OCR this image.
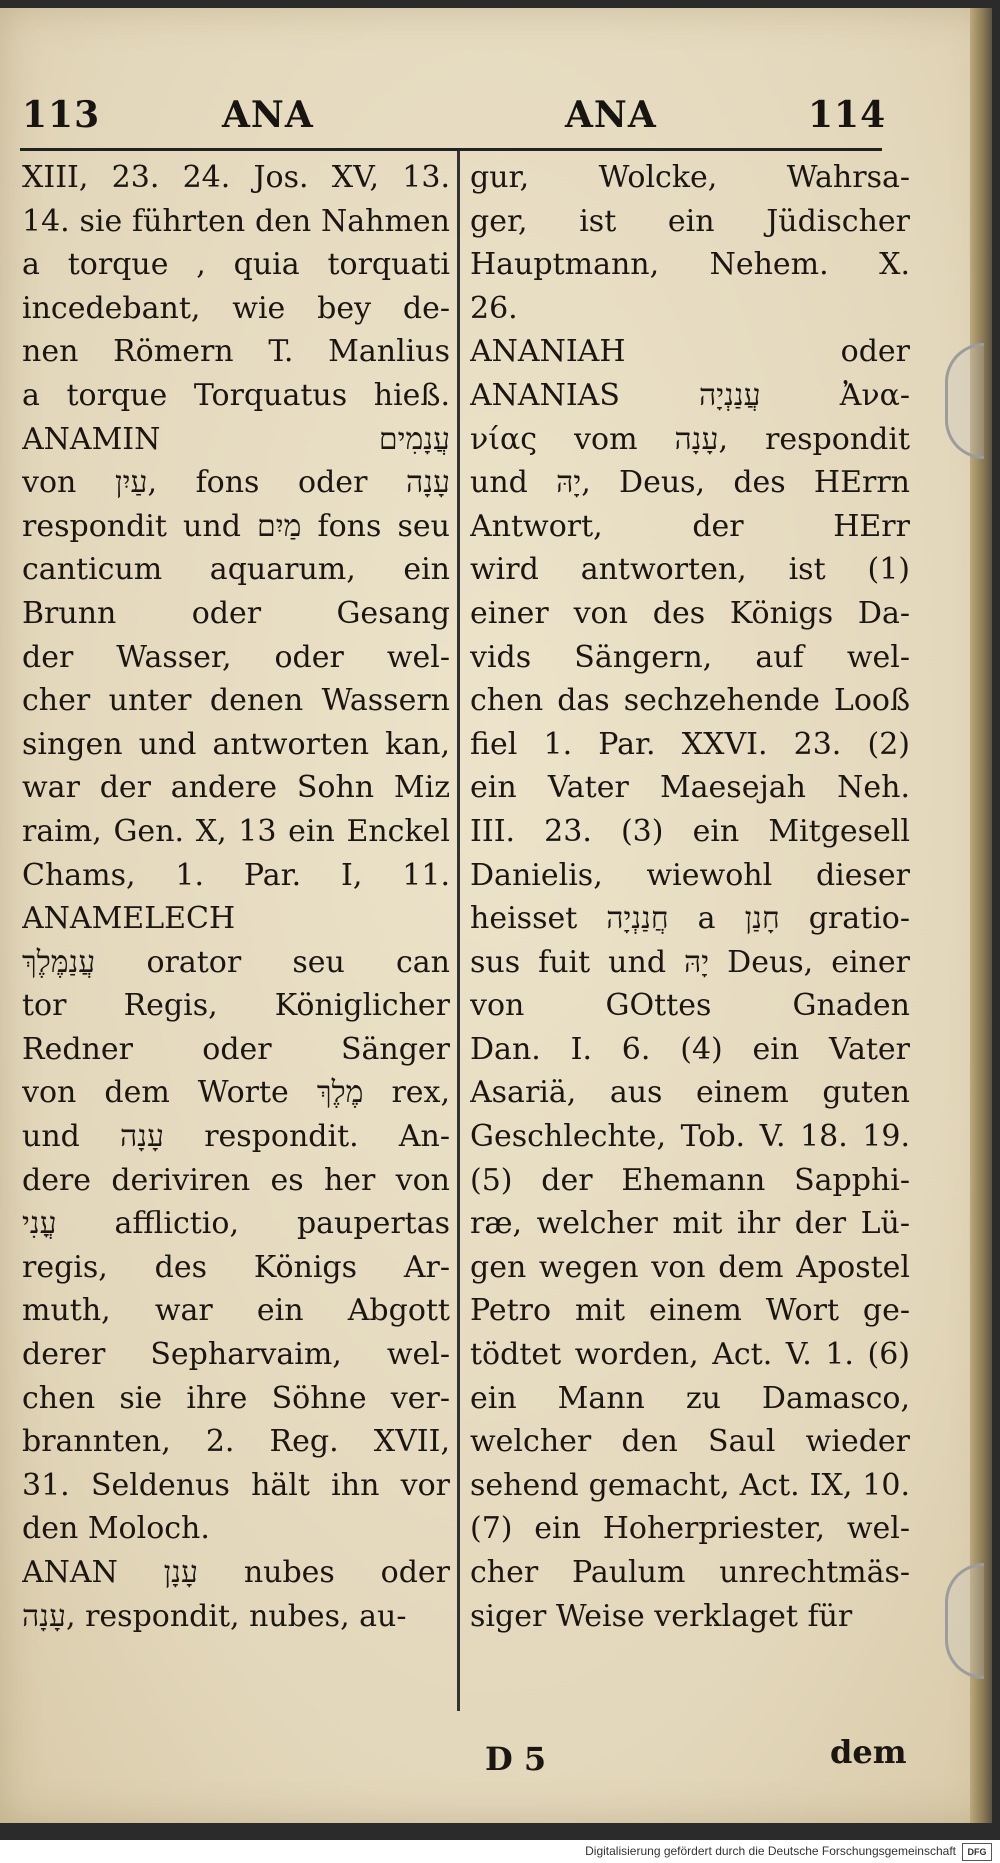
113	ANA	ANA	114
XIII, 23. 24. Jos. XV, 13.
14. sie führten den Nahmen
a torque , quia torquati
incedebant, wie bey de-
nen Römern T. Manlius
a torque Torquatus hieß.
ANAMIN עֲנָמִים
von עַיִן, fons oder עָנָה
respondit und מַיִם fons seu
canticum aquarum, ein
Brunn oder Gesang
der Wasser, oder wel-
cher unter denen Wassern
singen und antworten kan,
war der andere Sohn Miz
raim, Gen. X, 13 ein Enckel
Chams, 1. Par. I, 11.
ANAMELECH
עֲנַמֶּלֶךְ orator seu can
tor Regis, Königlicher
Redner oder Sänger
von dem Worte מֶלֶךְ rex,
und עָנָה respondit. An-
dere deriviren es her von
עֳנִי afflictio, paupertas
regis, des Königs Ar-
muth, war ein Abgott
derer Sepharvaim, wel-
chen sie ihre Söhne ver-
brannten, 2. Reg. XVII,
31. Seldenus hält ihn vor
den Moloch.
ANAN עָנָן nubes oder
עָנָה, respondit, nubes, au-
gur, Wolcke, Wahrsa-
ger, ist ein Jüdischer
Hauptmann, Nehem. X.
26.
ANANIAH oder
ANANIAS עֲנַנְיָה Ἀνα-
νίας vom עָנָה, respondit
und יָהּ, Deus, des HErrn
Antwort, der HErr
wird antworten, ist (1)
einer von des Königs Da-
vids Sängern, auf wel-
chen das sechzehende Looß
fiel 1. Par. XXVI. 23. (2)
ein Vater Maesejah Neh.
III. 23. (3) ein Mitgesell
Danielis, wiewohl dieser
heisset חֲנַנְיָה a חָנַן gratio-
sus fuit und יָהּ Deus, einer
von GOttes Gnaden
Dan. I. 6. (4) ein Vater
Asariä, aus einem guten
Geschlechte, Tob. V. 18. 19.
(5) der Ehemann Sapphi-
ræ, welcher mit ihr der Lü-
gen wegen von dem Apostel
Petro mit einem Wort ge-
tödtet worden, Act. V. 1. (6)
ein Mann zu Damasco,
welcher den Saul wieder
sehend gemacht, Act. IX, 10.
(7) ein Hoherpriester, wel-
cher Paulum unrechtmäs-
siger Weise verklaget für
D 5	dem
Digitalisierung gefördert durch die Deutsche Forschungsgemeinschaft	DFG
